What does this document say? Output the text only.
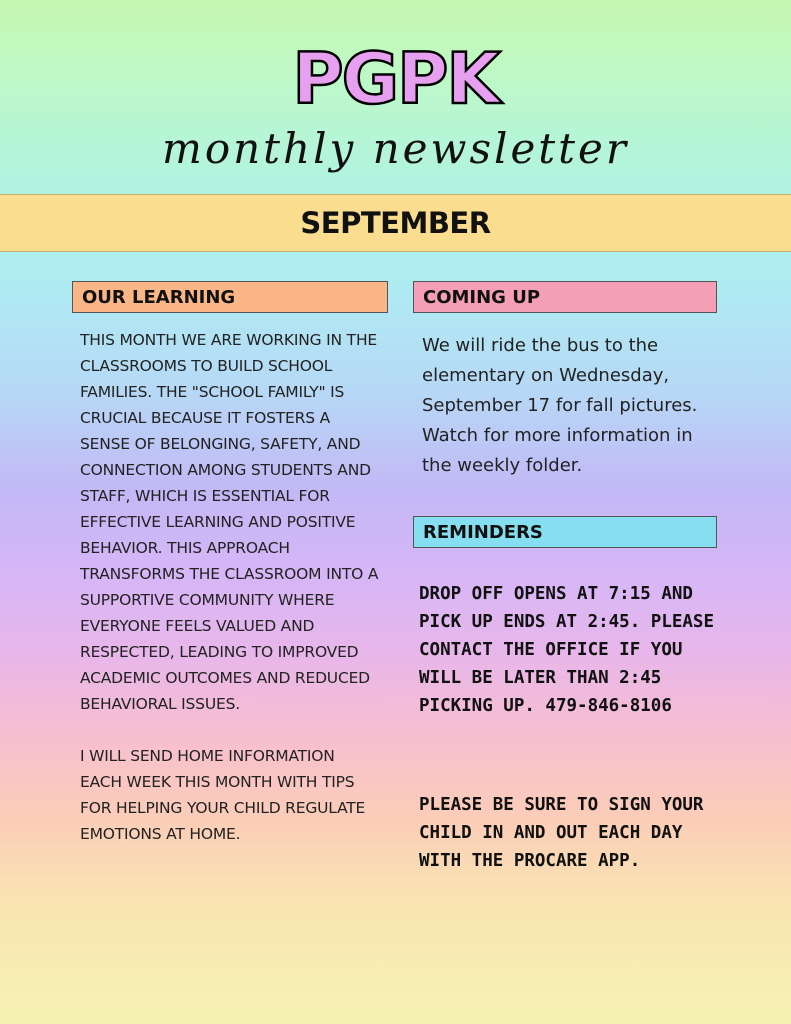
PGPK
monthly newsletter
SEPTEMBER
OUR LEARNING

THIS MONTH WE ARE WORKING IN THE CLASSROOMS TO BUILD SCHOOL FAMILIES. THE "SCHOOL FAMILY" IS CRUCIAL BECAUSE IT FOSTERS A SENSE OF BELONGING, SAFETY, AND CONNECTION AMONG STUDENTS AND STAFF, WHICH IS ESSENTIAL FOR EFFECTIVE LEARNING AND POSITIVE BEHAVIOR. THIS APPROACH TRANSFORMS THE CLASSROOM INTO A SUPPORTIVE COMMUNITY WHERE EVERYONE FEELS VALUED AND RESPECTED, LEADING TO IMPROVED ACADEMIC OUTCOMES AND REDUCED BEHAVIORAL ISSUES.

I WILL SEND HOME INFORMATION EACH WEEK THIS MONTH WITH TIPS FOR HELPING YOUR CHILD REGULATE EMOTIONS AT HOME.

COMING UP
We will ride the bus to the elementary on Wednesday, September 17 for fall pictures. Watch for more information in the weekly folder.
REMINDERS
DROP OFF OPENS AT 7:15 AND PICK UP ENDS AT 2:45. PLEASE CONTACT THE OFFICE IF YOU WILL BE LATER THAN 2:45 PICKING UP. 479-846-8106
PLEASE BE SURE TO SIGN YOUR CHILD IN AND OUT EACH DAY WITH THE PROCARE APP.
